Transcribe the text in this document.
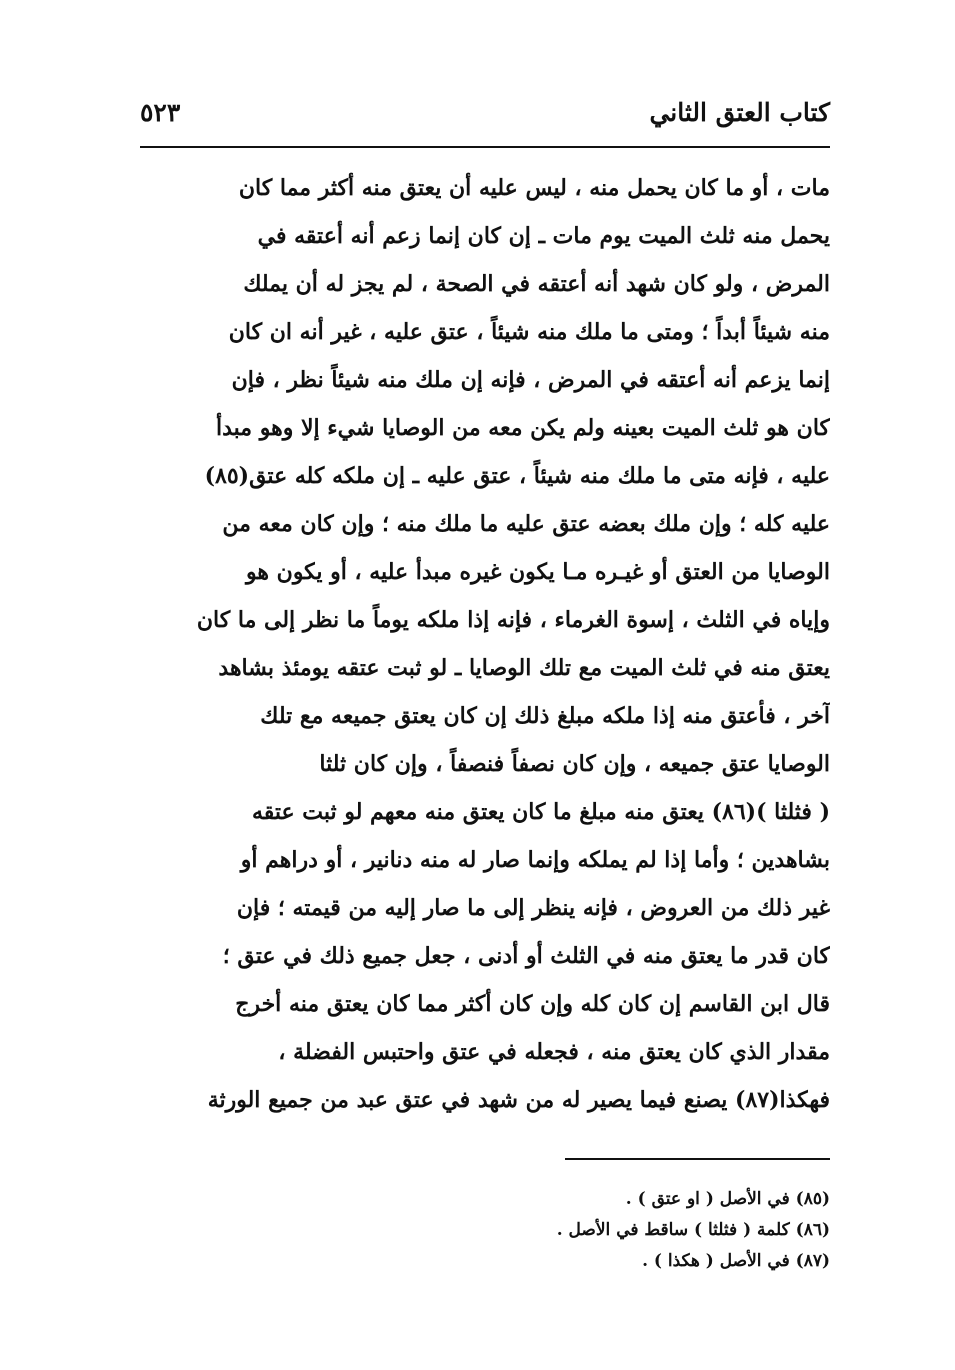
كتاب العتق الثاني
٥٢٣
مات ، أو ما كان يحمل منه ، ليس عليه أن يعتق منه أكثر مما كان
يحمل منه ثلث الميت يوم مات ـ إن كان إنما زعم أنه أعتقه في
المرض ، ولو كان شهد أنه أعتقه في الصحة ، لم يجز له أن يملك
منه شيئاً أبداً ؛ ومتى ما ملك منه شيئاً ، عتق عليه ، غير أنه ان كان
إنما يزعم أنه أعتقه في المرض ، فإنه إن ملك منه شيئاً نظر ، فإن
كان هو ثلث الميت بعينه ولم يكن معه من الوصايا شيء إلا وهو مبدأ
عليه ، فإنه متى ما ملك منه شيئاً ، عتق عليه ـ إن ملكه كله عتق(٨٥)
عليه كله ؛ وإن ملك بعضه عتق عليه ما ملك منه ؛ وإن كان معه من
الوصايا من العتق أو غيـره مـا يكون غيره مبدأ عليه ، أو يكون هو
وإياه في الثلث ، إسوة الغرماء ، فإنه إذا ملكه يوماً ما نظر إلى ما كان
يعتق منه في ثلث الميت مع تلك الوصايا ـ لو ثبت عتقه يومئذ بشاهد
آخر ، فأعتق منه إذا ملكه مبلغ ذلك إن كان يعتق جميعه مع تلك
الوصايا عتق جميعه ، وإن كان نصفاً فنصفاً ، وإن كان ثلثا
( فثلثا )(٨٦) يعتق منه مبلغ ما كان يعتق منه معهم لو ثبت عتقه
بشاهدين ؛ وأما إذا لم يملكه وإنما صار له منه دنانير ، أو دراهم أو
غير ذلك من العروض ، فإنه ينظر إلى ما صار إليه من قيمته ؛ فإن
كان قدر ما يعتق منه في الثلث أو أدنى ، جعل جميع ذلك في عتق ؛
قال ابن القاسم إن كان كله وإن كان أكثر مما كان يعتق منه أخرج
مقدار الذي كان يعتق منه ، فجعله في عتق واحتبس الفضلة ،
فهكذا(٨٧) يصنع فيما يصير له من شهد في عتق عبد من جميع الورثة
(٨٥) في الأصل ( او عتق ) .
(٨٦) كلمة ( فثلثا ) ساقط في الأصل .
(٨٧) في الأصل ( هكذا ) .
